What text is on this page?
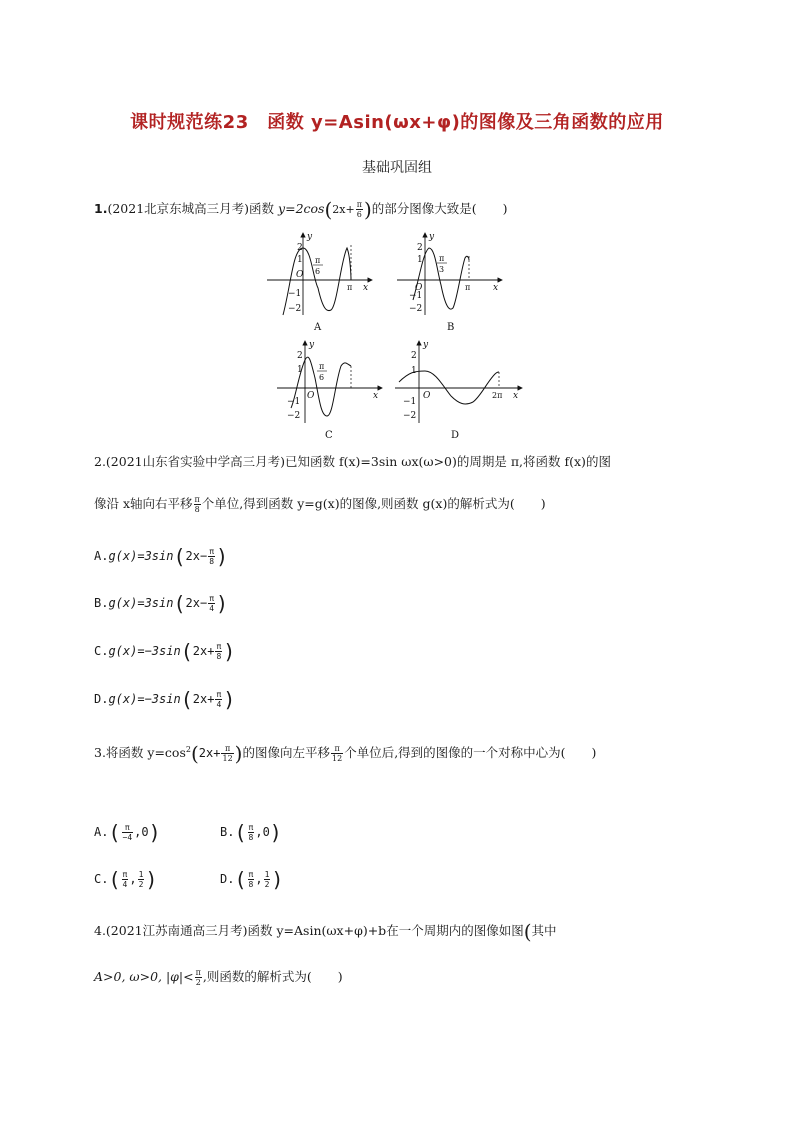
课时规范练23　函数 y=Asin(ωx+φ)的图像及三角函数的应用
基础巩固组
1.(2021北京东城高三月考)函数 $y=2\cos(2x+ \frac{\pi}{6}$ )的部分图像大致是( )
2
1
O
−1
−2
π
6
π x
y
A
2
1
O
−1
−2
π
3
π	x
y
B
2
1
O
−1
−2
π
6
x
y
C
2
1
O
−1
−2
2π x
y
D
2.(2021山东省实验中学高三月考)已知函数 f(x)=3sin ωx(ω>0)的周期是 π,将函数 f(x)的图
像沿 x轴向右平移 $\frac{\pi}{8}$ 个单位,得到函数 y=g(x)的图像,则函数 g(x)的解析式为( )
$A.g(x)=3\sin(2x- \frac{\pi}{8}$ )
$B.g(x)=3\sin(2x- \frac{\pi}{4}$ )
$C.g(x)=-3\sin(2x+ \frac{\pi}{8}$ )
$D.g(x)=-3\sin(2x+ \frac{\pi}{4}$ )
3.将函数 $y=\cos^2(2x+ \frac{\pi}{12}$ )的图像向左平移 $\frac{\pi}{12}$ 个单位后,得到的图像的一个对称中心为( )
$A.( \frac{\pi}{-4} ,0)$	$B.( \frac{\pi}{8} ,0)$
$C.( \frac{\pi}{4}$ , $\frac{1}{2}$ )	$D.( \frac{\pi}{8}$ , $\frac{1}{2}$ )
4.(2021江苏南通高三月考)函数 y=Asin(ωx+φ)+b在一个周期内的图像如图(其中
A>0, ω>0, $|\varphi|< \frac{\pi}{2}$ ,则函数的解析式为( )
